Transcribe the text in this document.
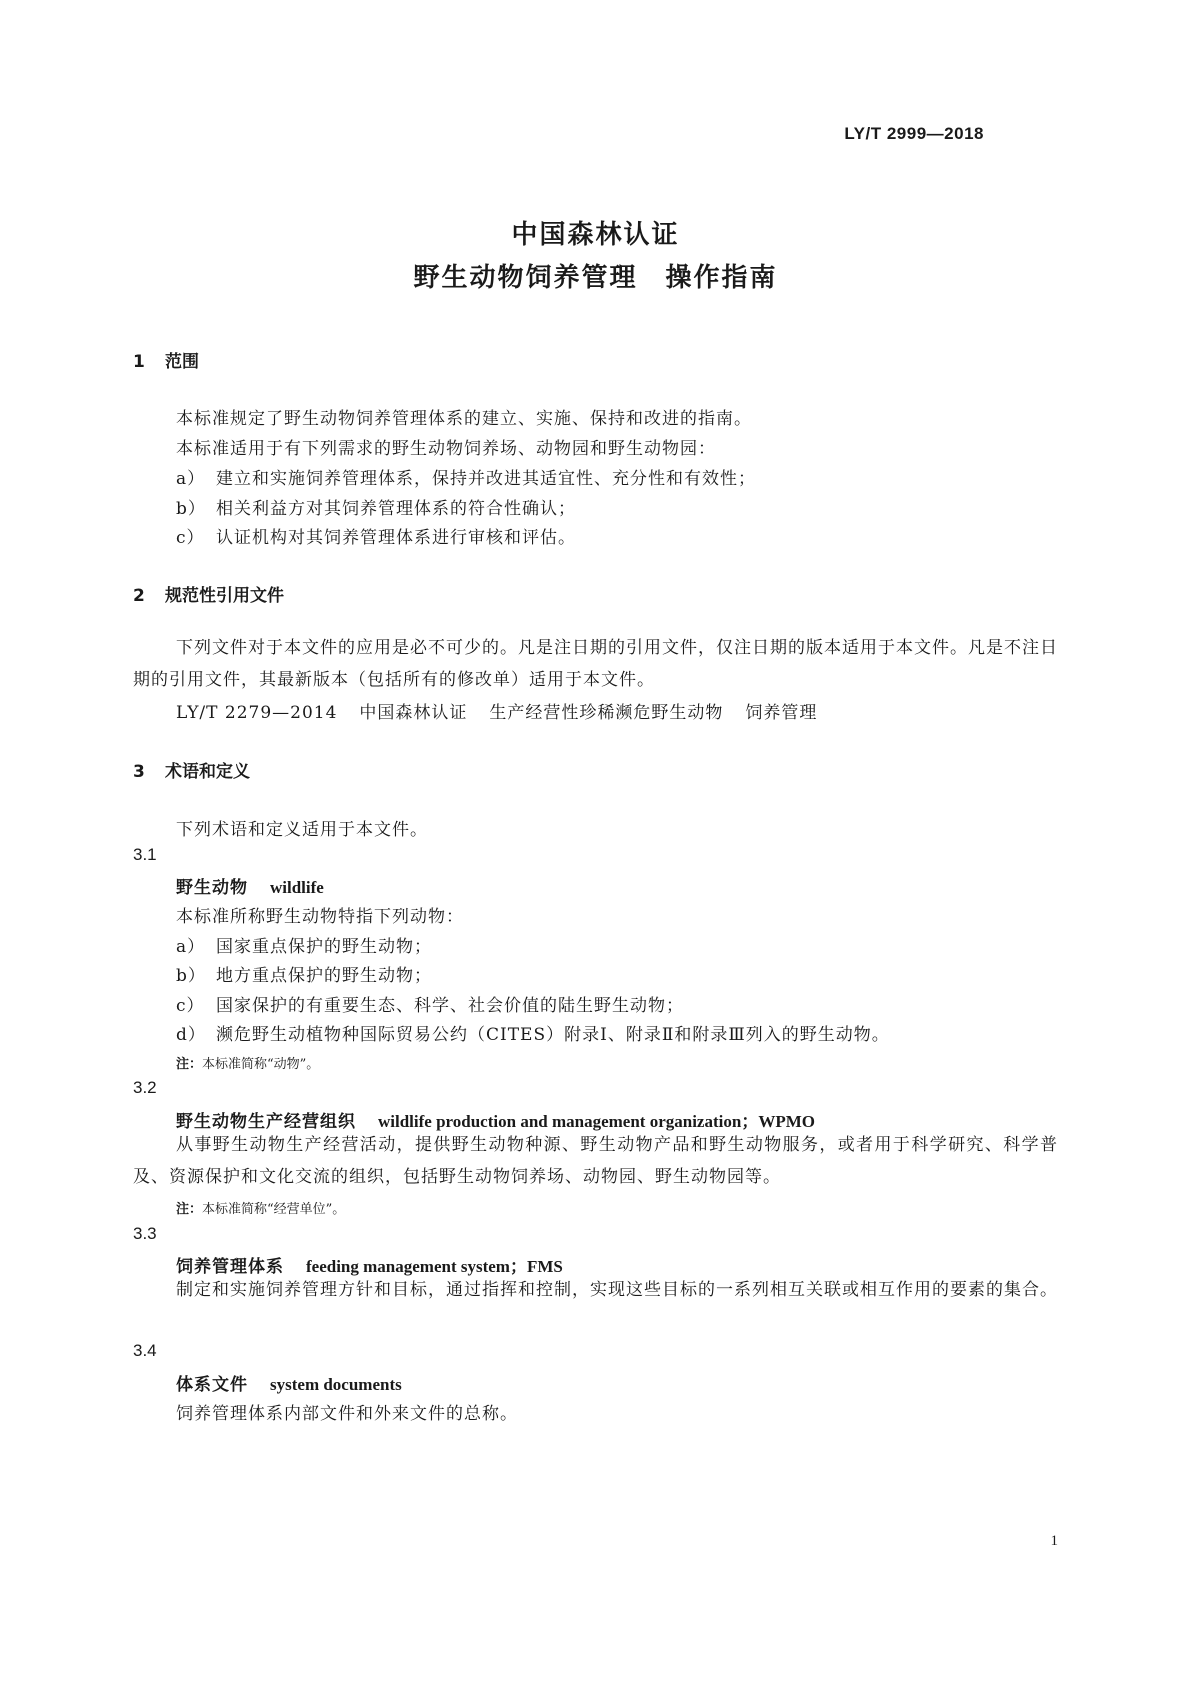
LY/T 2999—2018
中国森林认证
野生动物饲养管理　操作指南
1 范围
本标准规定了野生动物饲养管理体系的建立、实施、保持和改进的指南。
本标准适用于有下列需求的野生动物饲养场、动物园和野生动物园：
a） 建立和实施饲养管理体系，保持并改进其适宜性、充分性和有效性；
b） 相关利益方对其饲养管理体系的符合性确认；
c） 认证机构对其饲养管理体系进行审核和评估。
2 规范性引用文件
下列文件对于本文件的应用是必不可少的。凡是注日期的引用文件，仅注日期的版本适用于本文件。凡是不注日期的引用文件，其最新版本（包括所有的修改单）适用于本文件。
LY/T 2279—2014 中国森林认证 生产经营性珍稀濒危野生动物 饲养管理
3 术语和定义
下列术语和定义适用于本文件。
3.1
野生动物 wildlife
本标准所称野生动物特指下列动物：
a） 国家重点保护的野生动物；
b） 地方重点保护的野生动物；
c） 国家保护的有重要生态、科学、社会价值的陆生野生动物；
d） 濒危野生动植物种国际贸易公约（CITES）附录Ⅰ、附录Ⅱ和附录Ⅲ列入的野生动物。
注：本标准简称“动物”。
3.2
野生动物生产经营组织 wildlife production and management organization；WPMO
从事野生动物生产经营活动，提供野生动物种源、野生动物产品和野生动物服务，或者用于科学研究、科学普及、资源保护和文化交流的组织，包括野生动物饲养场、动物园、野生动物园等。
注：本标准简称“经营单位”。
3.3
饲养管理体系 feeding management system；FMS
制定和实施饲养管理方针和目标，通过指挥和控制，实现这些目标的一系列相互关联或相互作用的要素的集合。
3.4
体系文件 system documents
饲养管理体系内部文件和外来文件的总称。
1
